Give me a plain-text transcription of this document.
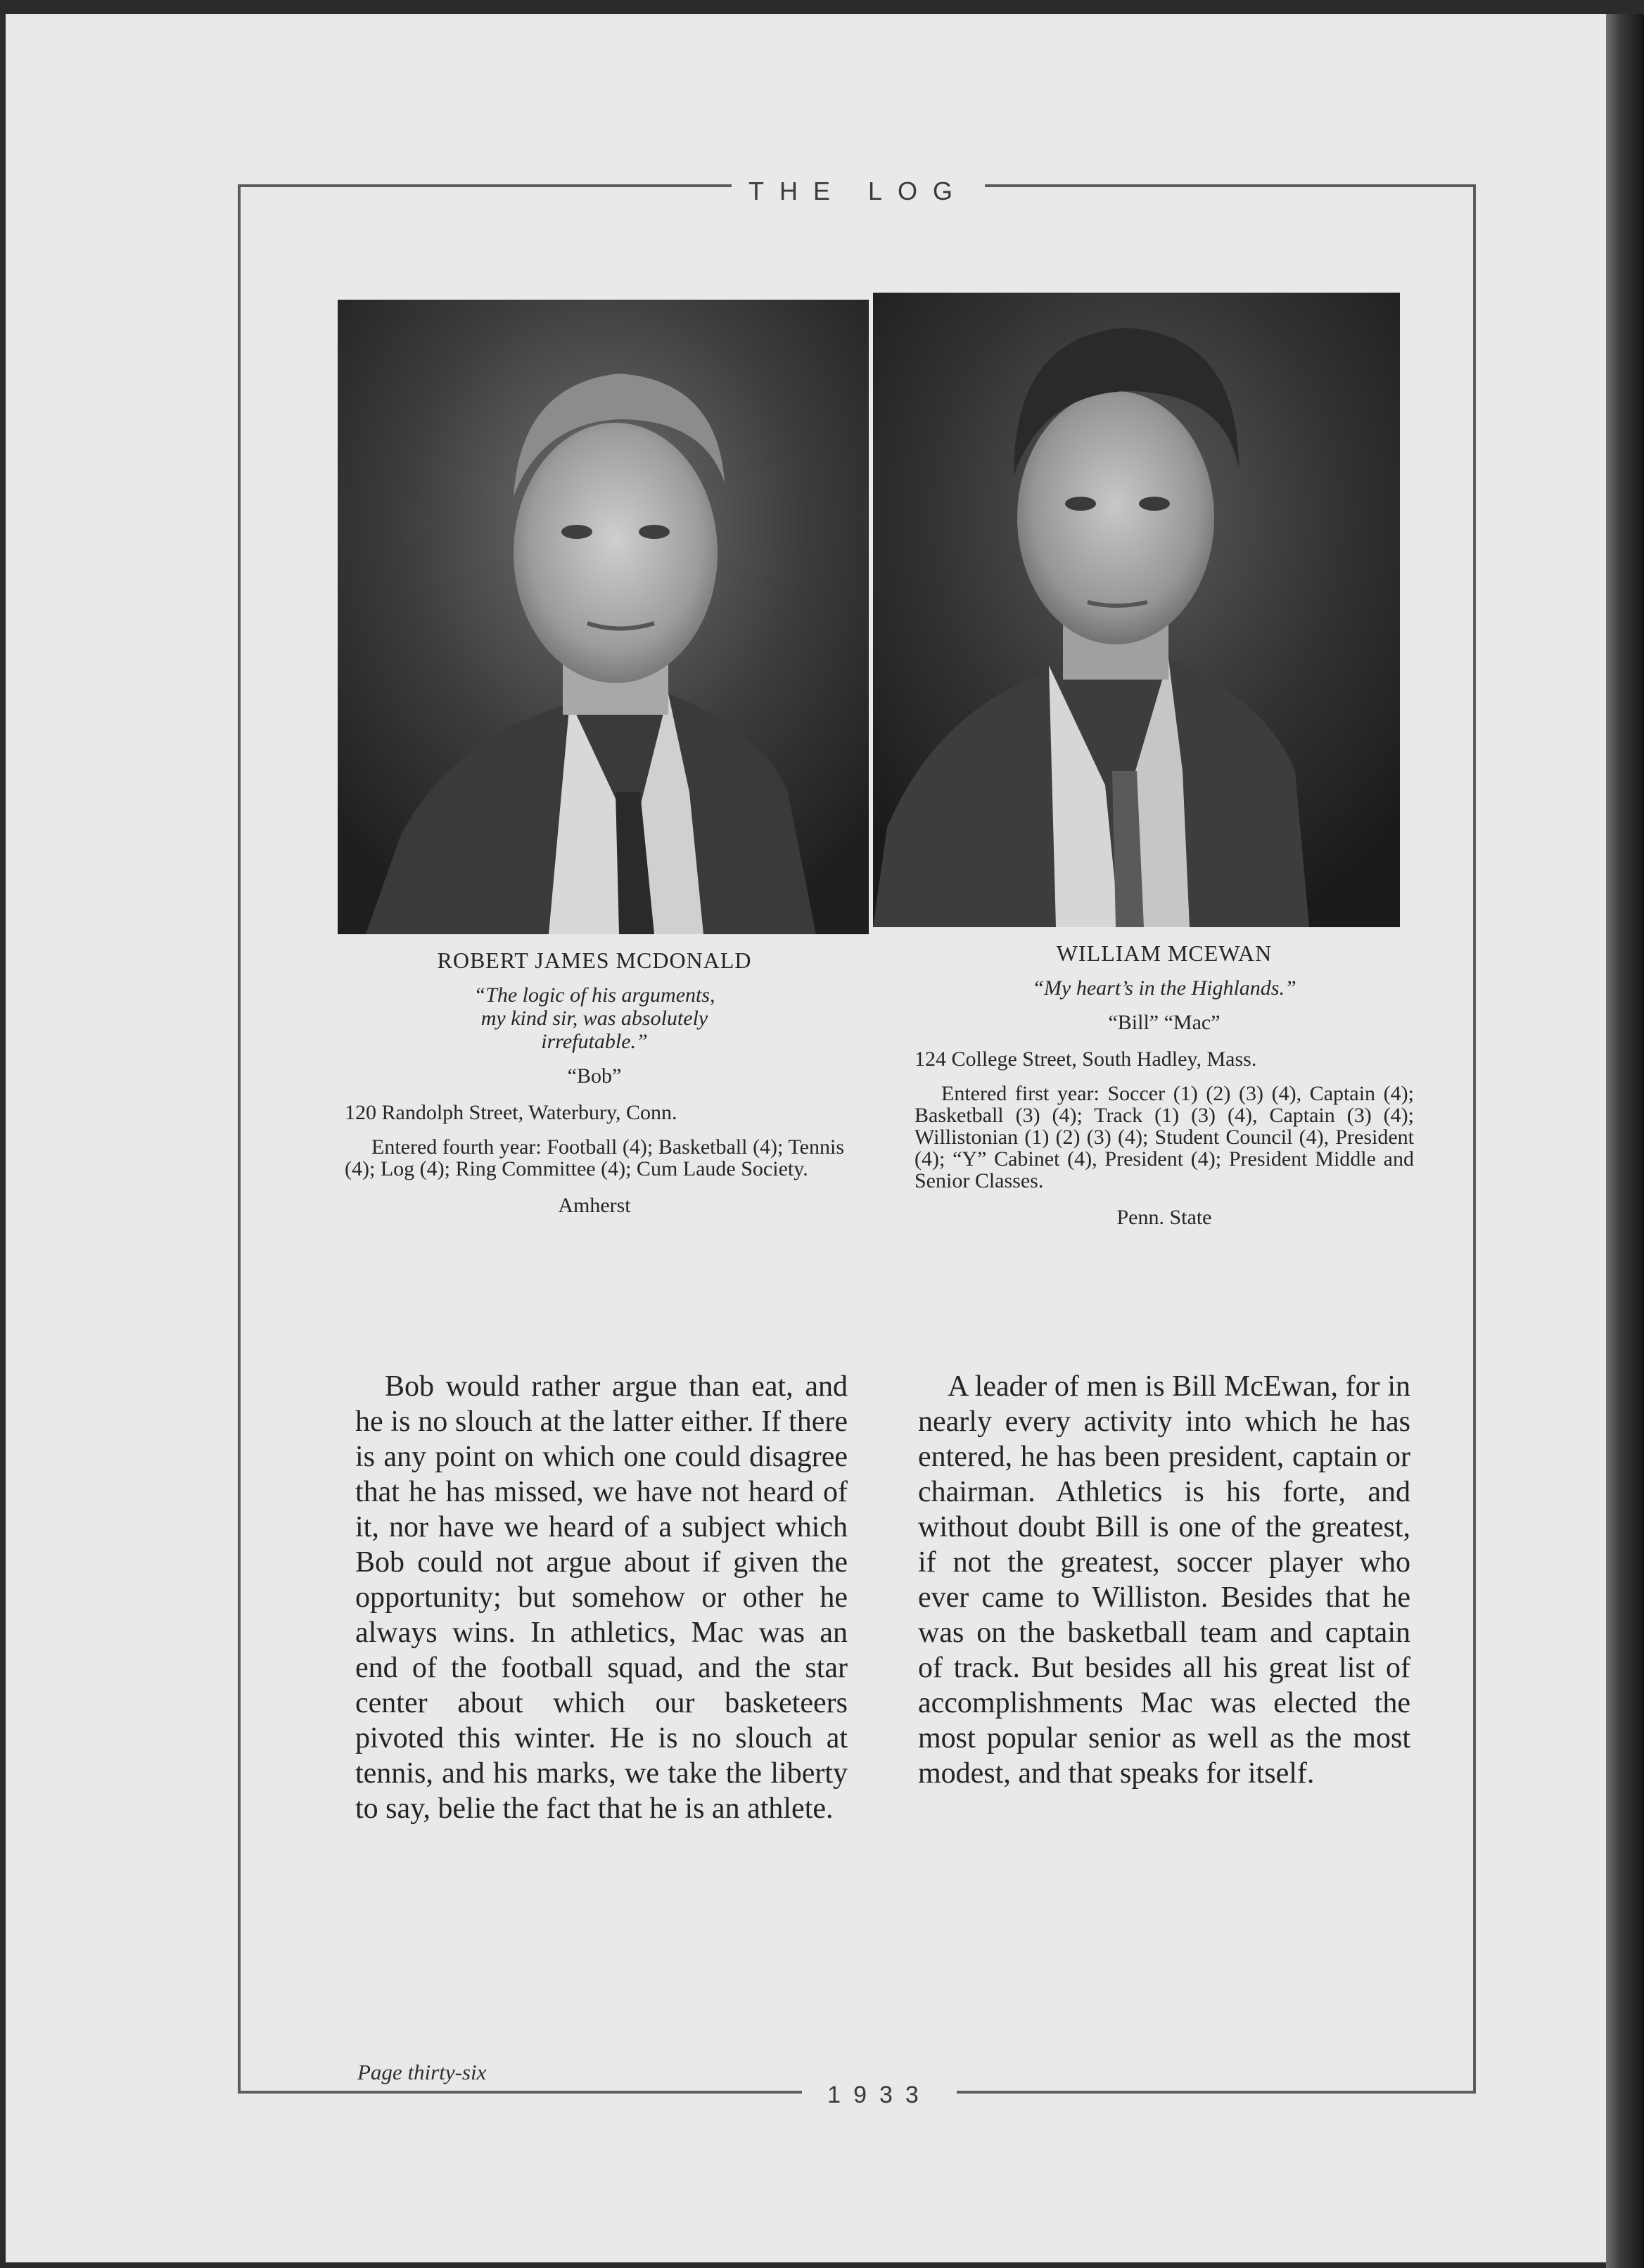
THE LOG
1933
Page thirty-six

ROBERT JAMES MCDONALD

“The logic of his arguments,
my kind sir, was absolutely
irrefutable.”

“Bob”

120 Randolph Street, Waterbury, Conn.

Entered fourth year: Football (4); Basketball (4); Tennis (4); Log (4); Ring Committee (4); Cum Laude Society.

Amherst

WILLIAM MCEWAN

“My heart’s in the Highlands.”

“Bill” “Mac”

124 College Street, South Hadley, Mass.

Entered first year: Soccer (1) (2) (3) (4), Captain (4); Basketball (3) (4); Track (1) (3) (4), Captain (3) (4); Willistonian (1) (2) (3) (4); Student Council (4), President (4); “Y” Cabinet (4), President (4); President Middle and Senior Classes.

Penn. State

Bob would rather argue than eat, and he is no slouch at the latter either. If there is any point on which one could disagree that he has missed, we have not heard of it, nor have we heard of a subject which Bob could not argue about if given the opportunity; but somehow or other he always wins. In athletics, Mac was an end of the football squad, and the star center about which our basketeers pivoted this winter. He is no slouch at tennis, and his marks, we take the liberty to say, belie the fact that he is an athlete.

A leader of men is Bill McEwan, for in nearly every activity into which he has entered, he has been president, captain or chairman. Athletics is his forte, and without doubt Bill is one of the greatest, if not the greatest, soccer player who ever came to Williston. Besides that he was on the basketball team and captain of track. But besides all his great list of accomplishments Mac was elected the most popular senior as well as the most modest, and that speaks for itself.
